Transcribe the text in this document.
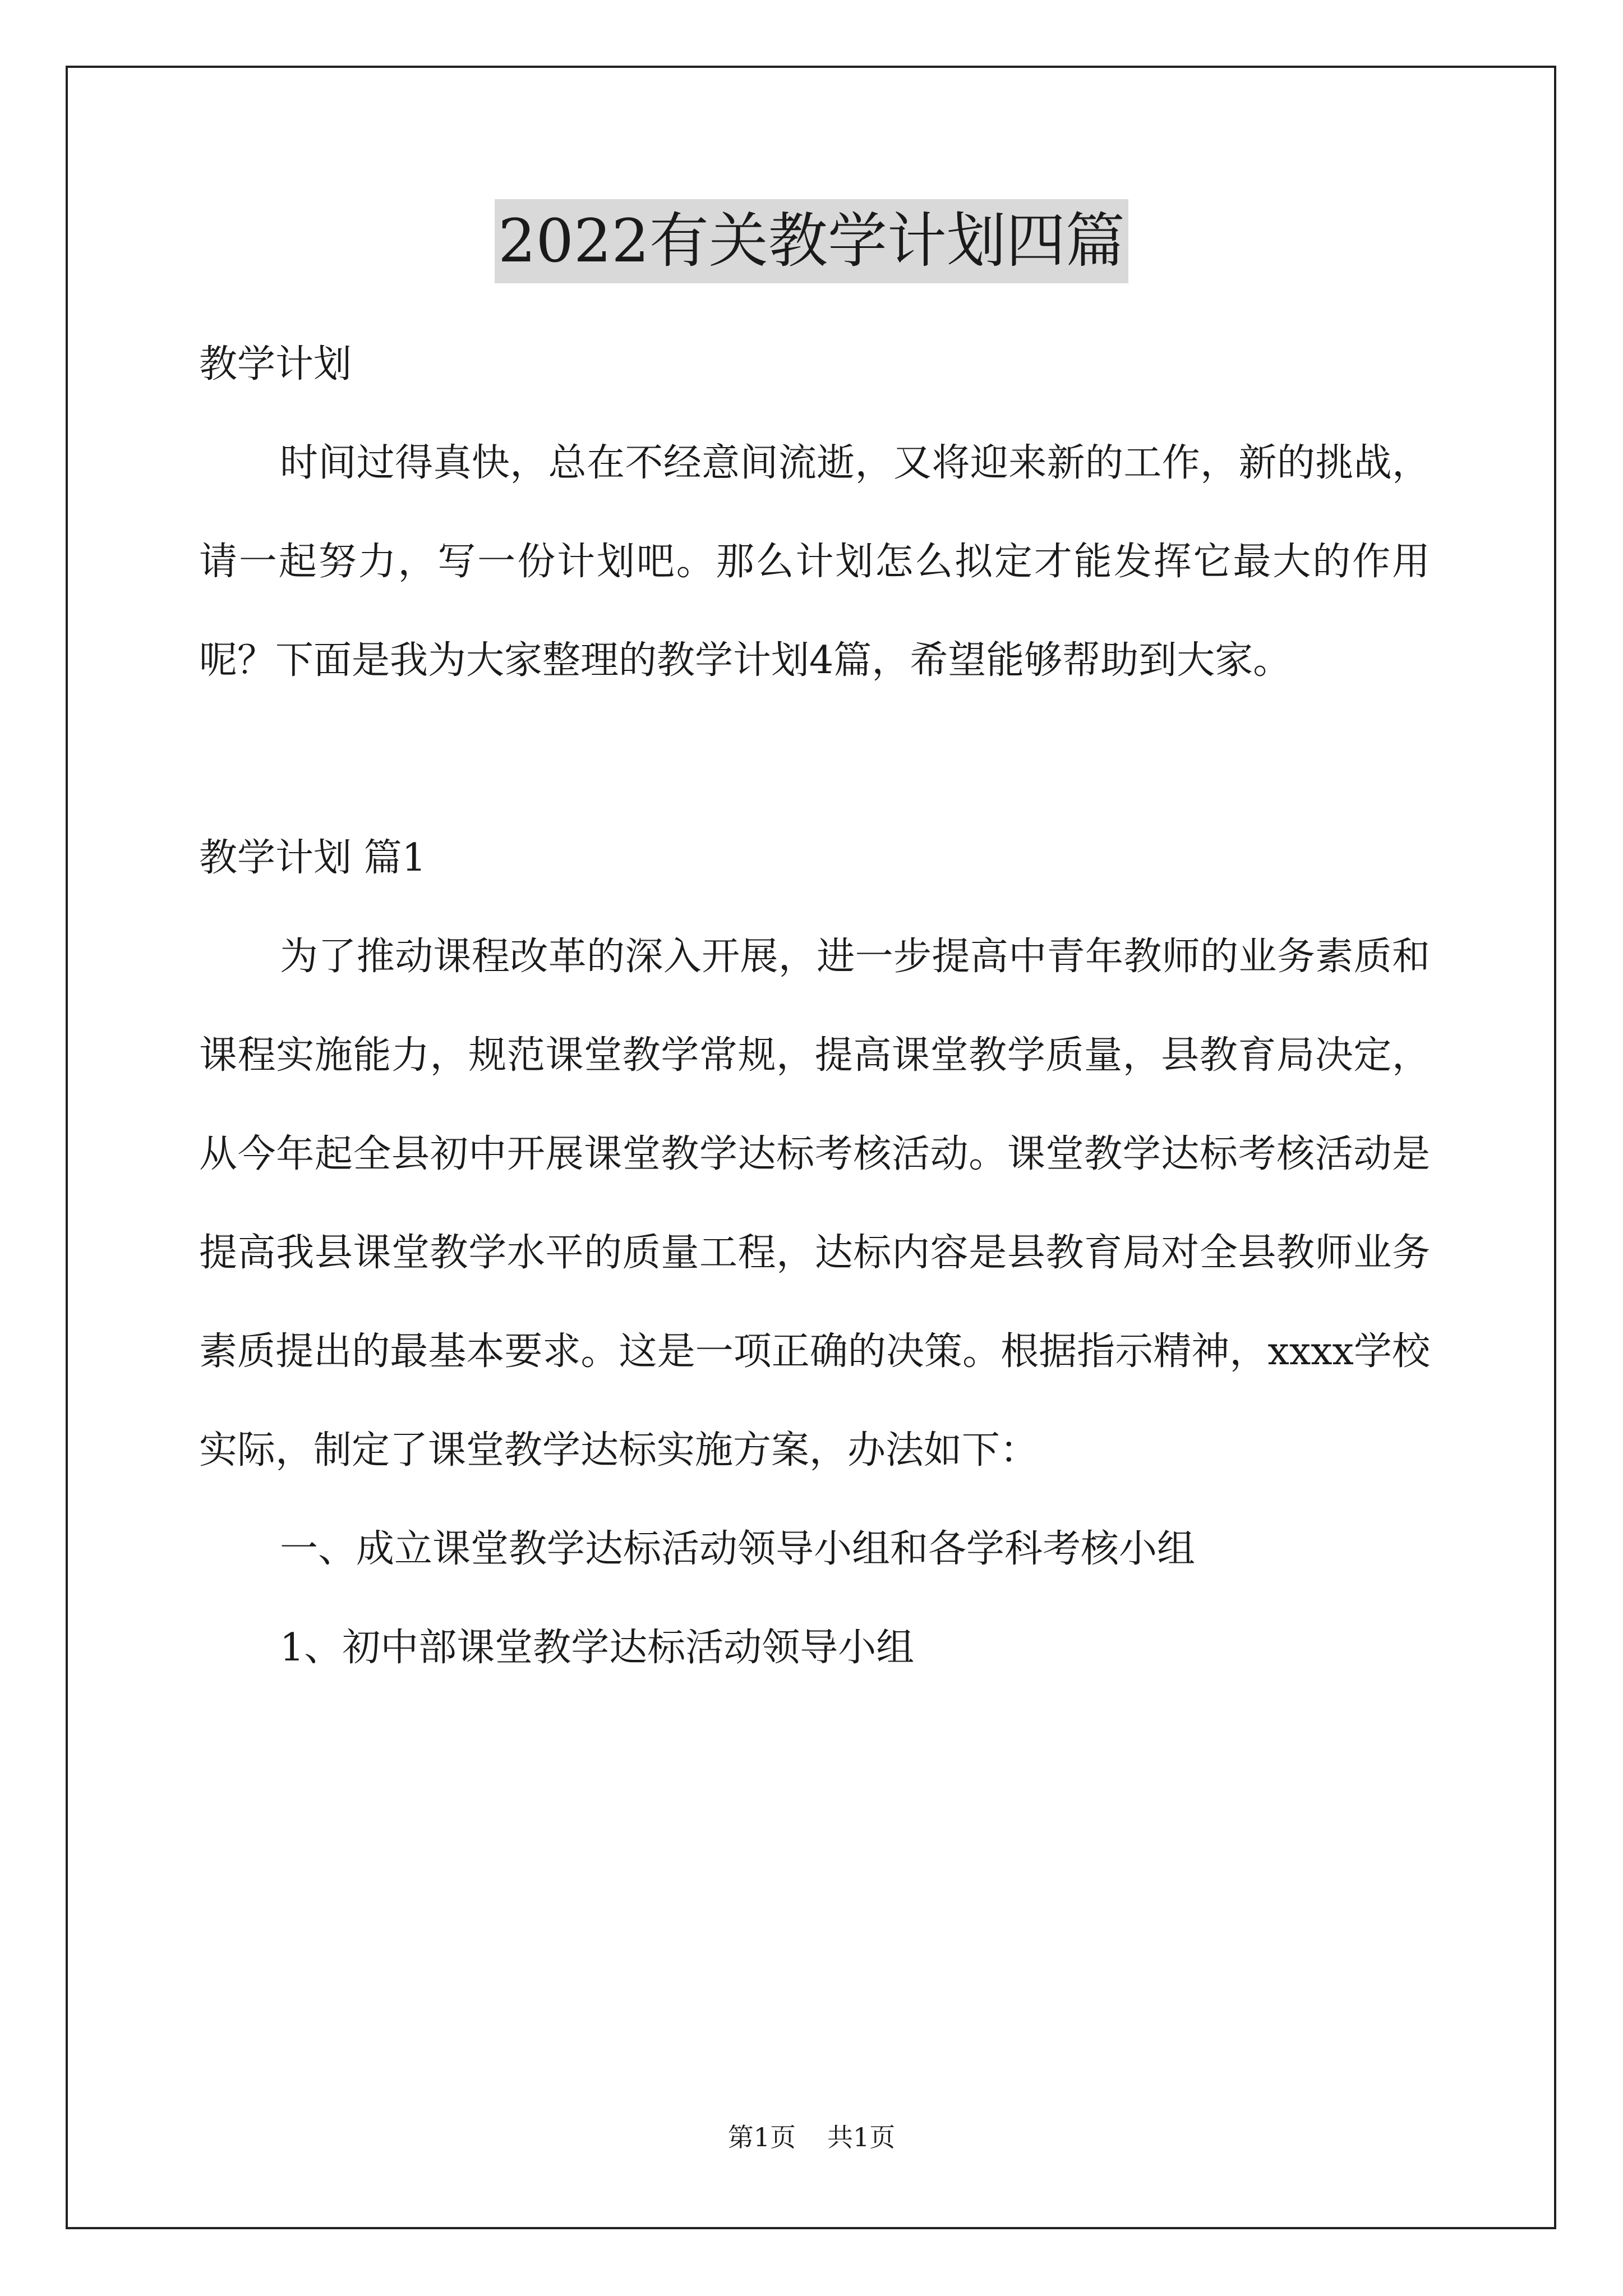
2022有关教学计划四篇

教学计划

时间过得真快，总在不经意间流逝，又将迎来新的工作，新的挑战，请一起努力，写一份计划吧。那么计划怎么拟定才能发挥它最大的作用呢？下面是我为大家整理的教学计划4篇，希望能够帮助到大家。

教学计划 篇1

为了推动课程改革的深入开展，进一步提高中青年教师的业务素质和课程实施能力，规范课堂教学常规，提高课堂教学质量，县教育局决定，从今年起全县初中开展课堂教学达标考核活动。课堂教学达标考核活动是提高我县课堂教学水平的质量工程，达标内容是县教育局对全县教师业务素质提出的最基本要求。这是一项正确的决策。根据指示精神，xxxx学校实际，制定了课堂教学达标实施方案，办法如下：

一、成立课堂教学达标活动领导小组和各学科考核小组

1、初中部课堂教学达标活动领导小组

第1页 共1页
